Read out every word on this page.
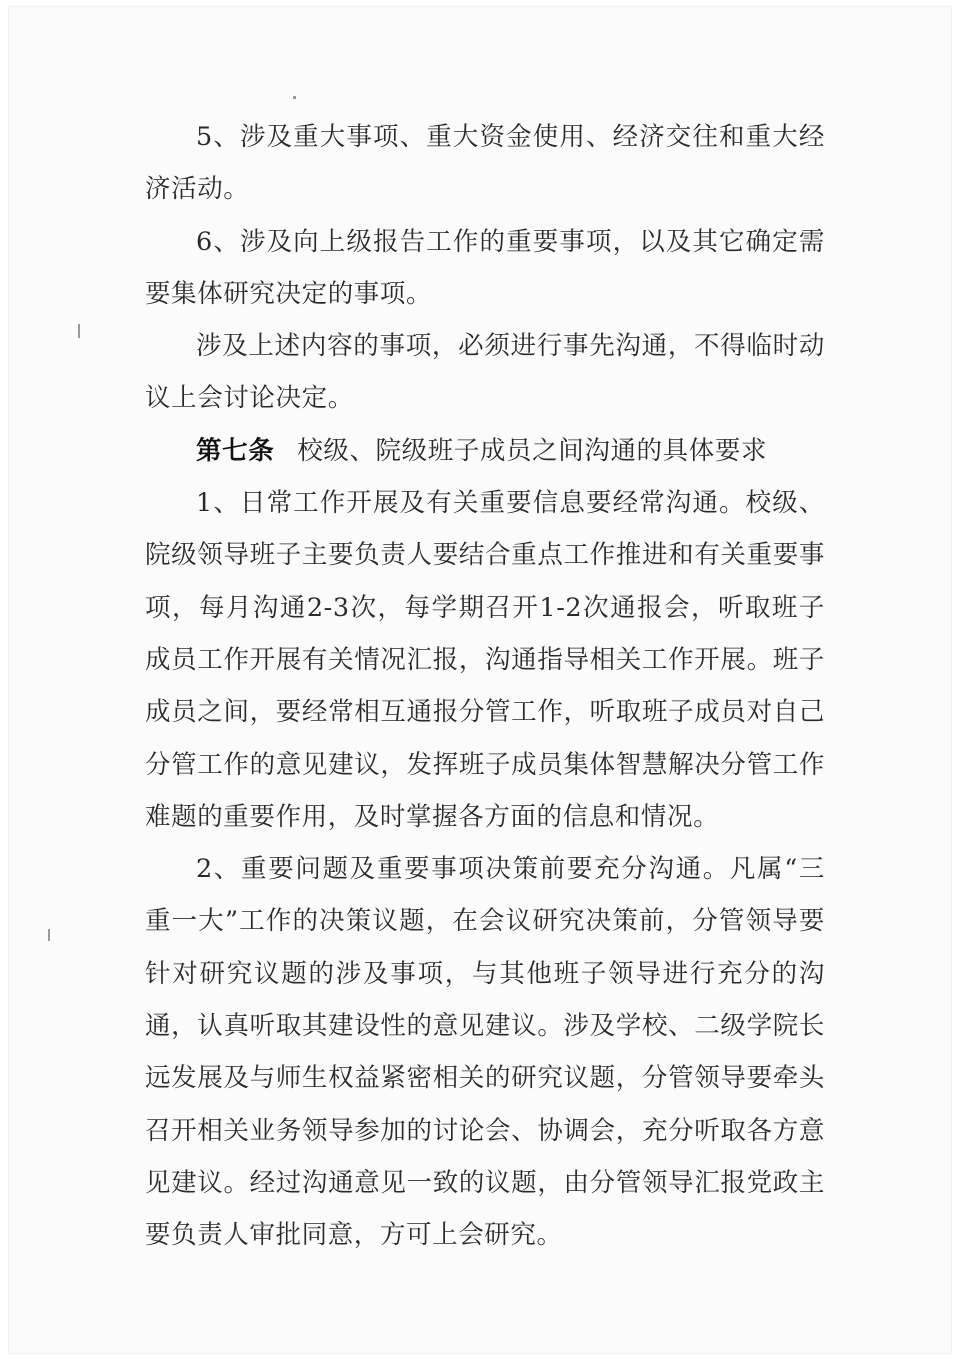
5、涉及重大事项、重大资金使用、经济交往和重大经济活动。

6、涉及向上级报告工作的重要事项，以及其它确定需要集体研究决定的事项。

涉及上述内容的事项，必须进行事先沟通，不得临时动议上会讨论决定。

第七条 校级、院级班子成员之间沟通的具体要求

1、日常工作开展及有关重要信息要经常沟通。校级、院级领导班子主要负责人要结合重点工作推进和有关重要事项，每月沟通2-3次，每学期召开1-2次通报会，听取班子成员工作开展有关情况汇报，沟通指导相关工作开展。班子成员之间，要经常相互通报分管工作，听取班子成员对自己分管工作的意见建议，发挥班子成员集体智慧解决分管工作难题的重要作用，及时掌握各方面的信息和情况。

2、重要问题及重要事项决策前要充分沟通。凡属“三重一大”工作的决策议题，在会议研究决策前，分管领导要针对研究议题的涉及事项，与其他班子领导进行充分的沟通，认真听取其建设性的意见建议。涉及学校、二级学院长远发展及与师生权益紧密相关的研究议题，分管领导要牵头召开相关业务领导参加的讨论会、协调会，充分听取各方意见建议。经过沟通意见一致的议题，由分管领导汇报党政主要负责人审批同意，方可上会研究。
